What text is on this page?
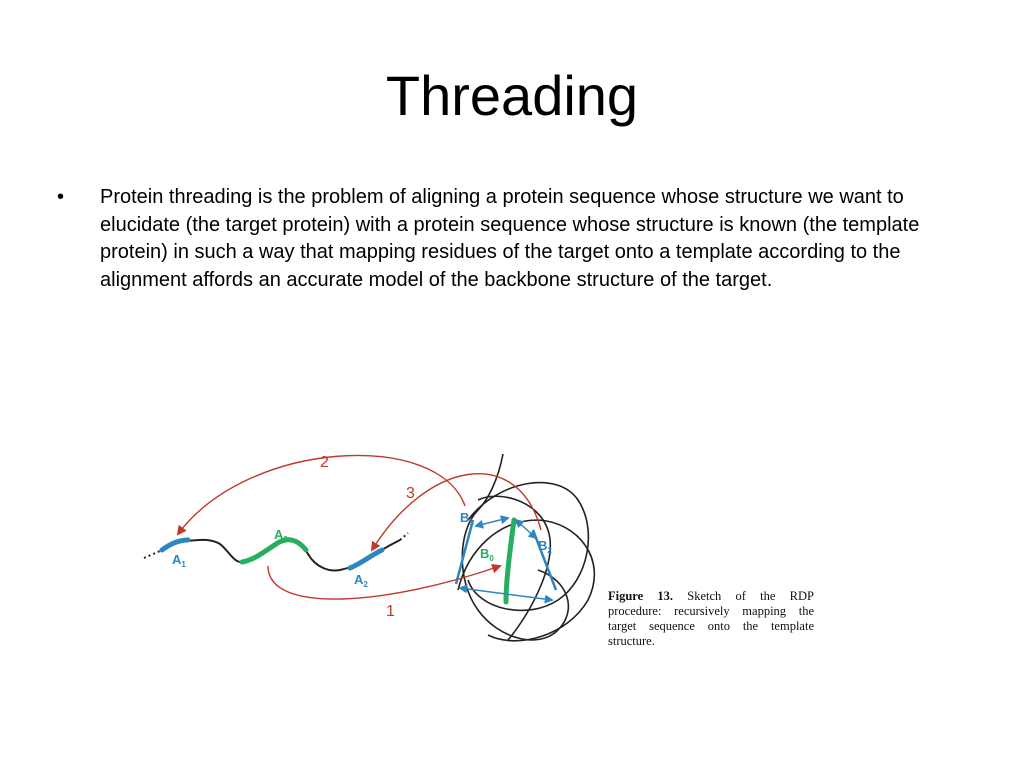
Threading
• Protein threading is the problem of aligning a protein sequence whose structure we want to elucidate (the target protein) with a protein sequence whose structure is known (the template protein) in such a way that mapping residues of the target onto a template according to the alignment affords an accurate model of the backbone structure of the target.
2
3
1
$A_1$
$A_0$
$A_2$
$B_1$
$B_0$
$B_2$

Figure 13. Sketch of the RDP procedure: recursively mapping the target sequence onto the template structure.
